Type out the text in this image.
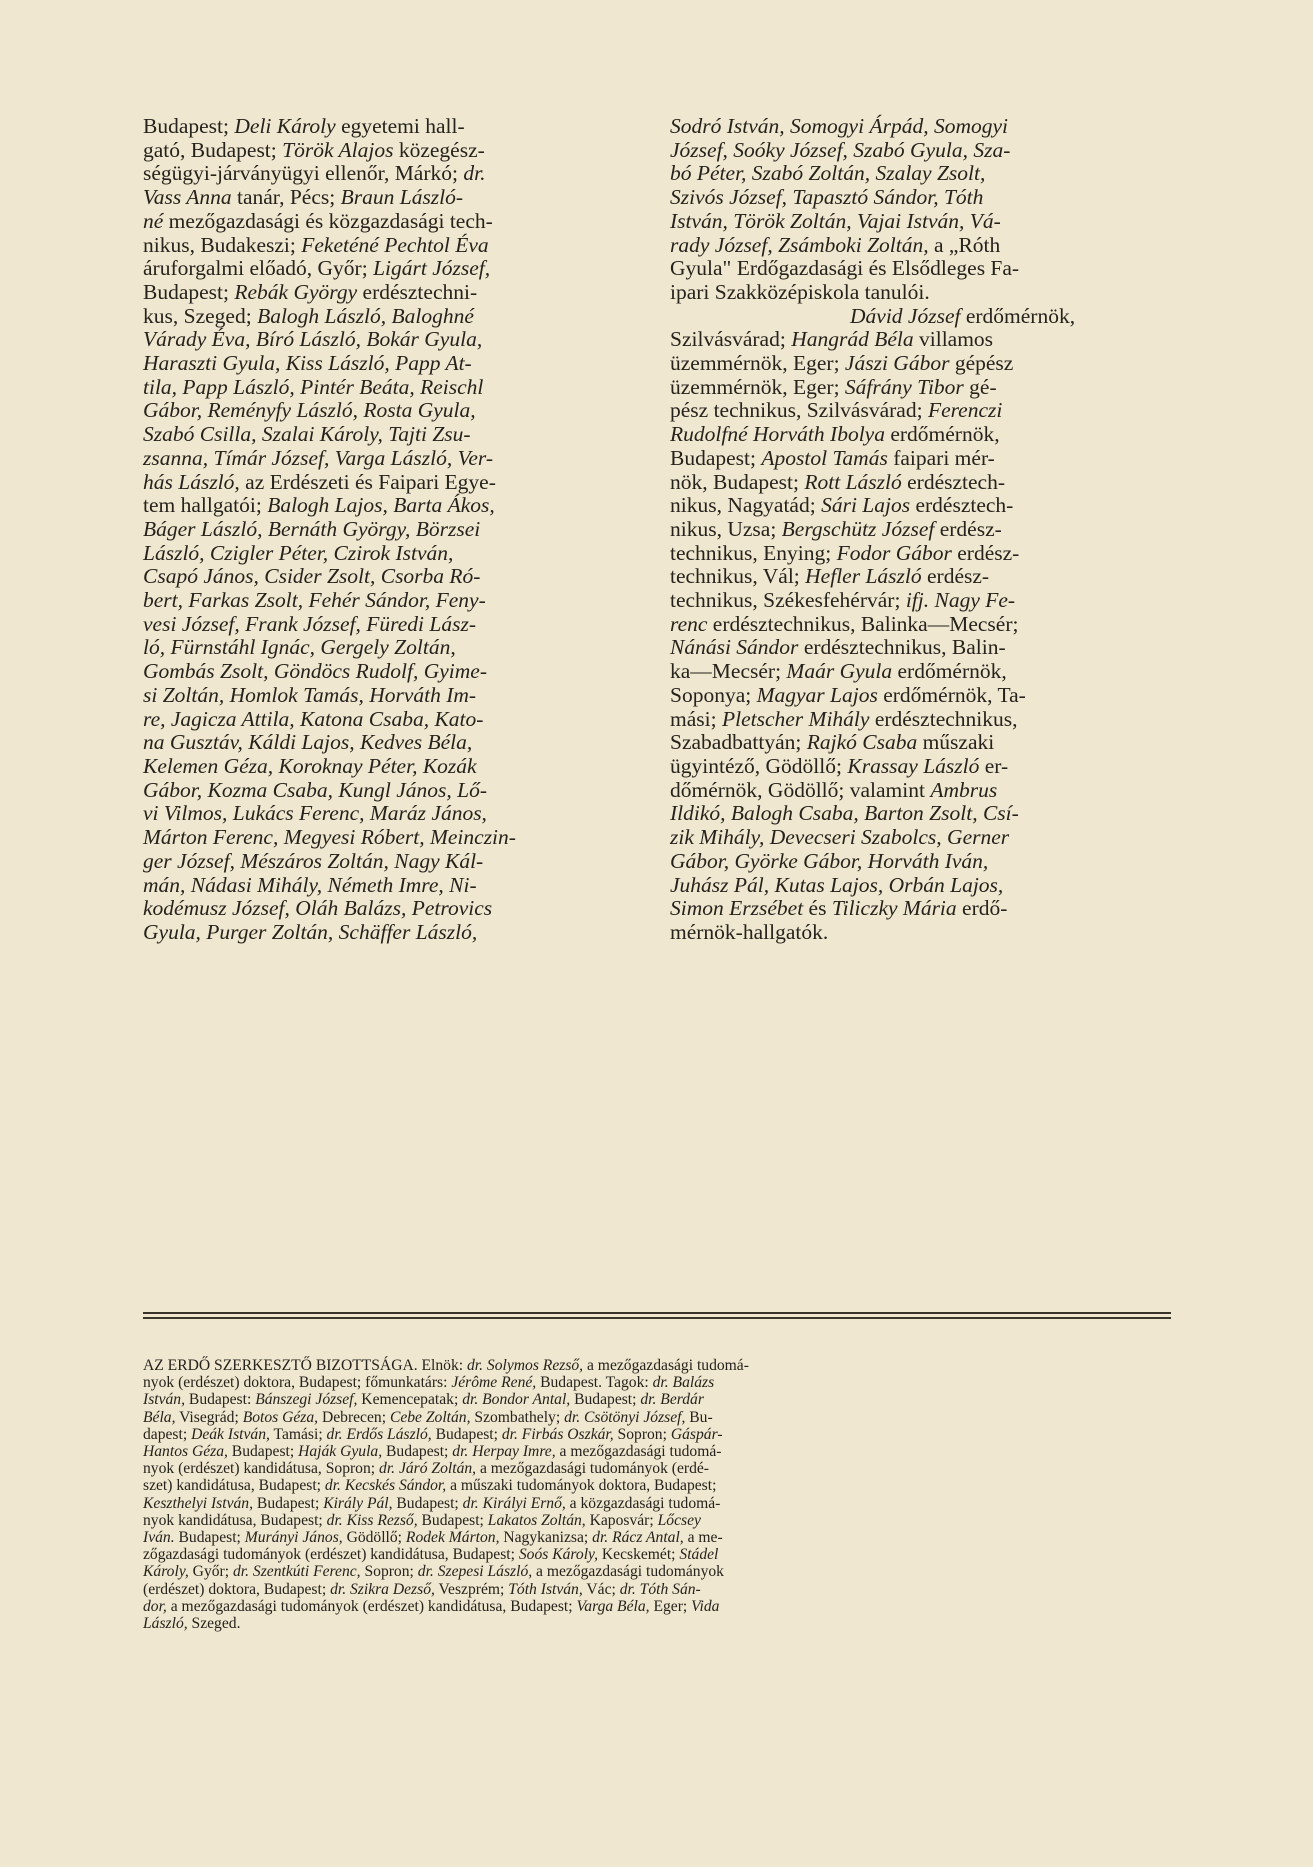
Budapest; Deli Károly egyetemi hall-
gató, Budapest; Török Alajos közegész-
ségügyi-járványügyi ellenőr, Márkó; dr.
Vass Anna tanár, Pécs; Braun László-
né mezőgazdasági és közgazdasági tech-
nikus, Budakeszi; Feketéné Pechtol Éva
áruforgalmi előadó, Győr; Ligárt József,
Budapest; Rebák György erdésztechni-
kus, Szeged; Balogh László, Baloghné
Várady Éva, Bíró László, Bokár Gyula,
Haraszti Gyula, Kiss László, Papp At-
tila, Papp László, Pintér Beáta, Reischl
Gábor, Reményfy László, Rosta Gyula,
Szabó Csilla, Szalai Károly, Tajti Zsu-
zsanna, Tímár József, Varga László, Ver-
hás László, az Erdészeti és Faipari Egye-
tem hallgatói; Balogh Lajos, Barta Ákos,
Báger László, Bernáth György, Börzsei
László, Czigler Péter, Czirok István,
Csapó János, Csider Zsolt, Csorba Ró-
bert, Farkas Zsolt, Fehér Sándor, Feny-
vesi József, Frank József, Füredi Lász-
ló, Fürnstáhl Ignác, Gergely Zoltán,
Gombás Zsolt, Göndöcs Rudolf, Gyime-
si Zoltán, Homlok Tamás, Horváth Im-
re, Jagicza Attila, Katona Csaba, Kato-
na Gusztáv, Káldi Lajos, Kedves Béla,
Kelemen Géza, Koroknay Péter, Kozák
Gábor, Kozma Csaba, Kungl János, Lő-
vi Vilmos, Lukács Ferenc, Maráz János,
Márton Ferenc, Megyesi Róbert, Meinczin-
ger József, Mészáros Zoltán, Nagy Kál-
mán, Nádasi Mihály, Németh Imre, Ni-
kodémusz József, Oláh Balázs, Petrovics
Gyula, Purger Zoltán, Schäffer László,
Sodró István, Somogyi Árpád, Somogyi
József, Soóky József, Szabó Gyula, Sza-
bó Péter, Szabó Zoltán, Szalay Zsolt,
Szivós József, Tapasztó Sándor, Tóth
István, Török Zoltán, Vajai István, Vá-
rady József, Zsámboki Zoltán, a „Róth
Gyula" Erdőgazdasági és Elsődleges Fa-
ipari Szakközépiskola tanulói.
Dávid József erdőmérnök,
Szilvásvárad; Hangrád Béla villamos
üzemmérnök, Eger; Jászi Gábor gépész
üzemmérnök, Eger; Sáfrány Tibor gé-
pész technikus, Szilvásvárad; Ferenczi
Rudolfné Horváth Ibolya erdőmérnök,
Budapest; Apostol Tamás faipari mér-
nök, Budapest; Rott László erdésztech-
nikus, Nagyatád; Sári Lajos erdésztech-
nikus, Uzsa; Bergschütz József erdész-
technikus, Enying; Fodor Gábor erdész-
technikus, Vál; Hefler László erdész-
technikus, Székesfehérvár; ifj. Nagy Fe-
renc erdésztechnikus, Balinka—Mecsér;
Nánási Sándor erdésztechnikus, Balin-
ka—Mecsér; Maár Gyula erdőmérnök,
Soponya; Magyar Lajos erdőmérnök, Ta-
mási; Pletscher Mihály erdésztechnikus,
Szabadbattyán; Rajkó Csaba műszaki
ügyintéző, Gödöllő; Krassay László er-
dőmérnök, Gödöllő; valamint Ambrus
Ildikó, Balogh Csaba, Barton Zsolt, Csí-
zik Mihály, Devecseri Szabolcs, Gerner
Gábor, Györke Gábor, Horváth Iván,
Juhász Pál, Kutas Lajos, Orbán Lajos,
Simon Erzsébet és Tiliczky Mária erdő-
mérnök-hallgatók.
AZ ERDŐ SZERKESZTŐ BIZOTTSÁGA. Elnök: dr. Solymos Rezső, a mezőgazdasági tudomá-
nyok (erdészet) doktora, Budapest; főmunkatárs: Jérôme René, Budapest. Tagok: dr. Balázs
István, Budapest: Bánszegi József, Kemencepatak; dr. Bondor Antal, Budapest; dr. Berdár
Béla, Visegrád; Botos Géza, Debrecen; Cebe Zoltán, Szombathely; dr. Csötönyi József, Bu-
dapest; Deák István, Tamási; dr. Erdős László, Budapest; dr. Firbás Oszkár, Sopron; Gáspár-
Hantos Géza, Budapest; Haják Gyula, Budapest; dr. Herpay Imre, a mezőgazdasági tudomá-
nyok (erdészet) kandidátusa, Sopron; dr. Járó Zoltán, a mezőgazdasági tudományok (erdé-
szet) kandidátusa, Budapest; dr. Kecskés Sándor, a műszaki tudományok doktora, Budapest;
Keszthelyi István, Budapest; Király Pál, Budapest; dr. Királyi Ernő, a közgazdasági tudomá-
nyok kandidátusa, Budapest; dr. Kiss Rezső, Budapest; Lakatos Zoltán, Kaposvár; Lőcsey
Iván. Budapest; Murányi János, Gödöllő; Rodek Márton, Nagykanizsa; dr. Rácz Antal, a me-
zőgazdasági tudományok (erdészet) kandidátusa, Budapest; Soós Károly, Kecskemét; Stádel
Károly, Győr; dr. Szentkúti Ferenc, Sopron; dr. Szepesi László, a mezőgazdasági tudományok
(erdészet) doktora, Budapest; dr. Szikra Dezső, Veszprém; Tóth István, Vác; dr. Tóth Sán-
dor, a mezőgazdasági tudományok (erdészet) kandidátusa, Budapest; Varga Béla, Eger; Vida
László, Szeged.
